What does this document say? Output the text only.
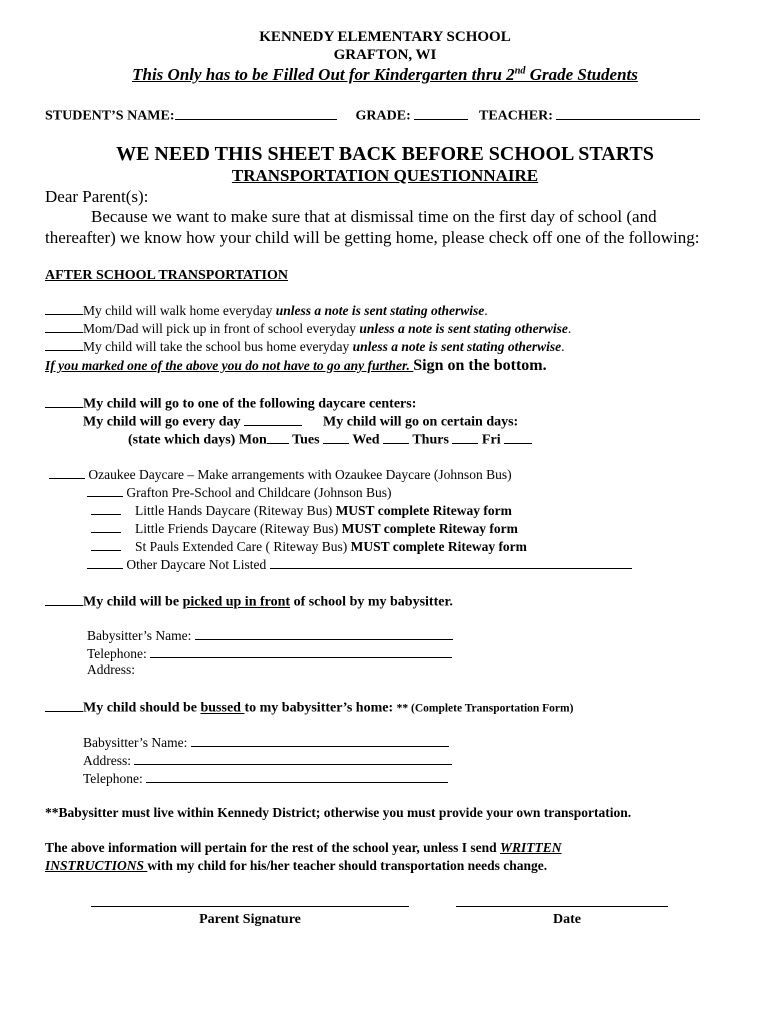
KENNEDY ELEMENTARY SCHOOL
GRAFTON, WI
This Only has to be Filled Out for Kindergarten thru 2nd Grade Students
STUDENT’S NAME:	GRADE:	TEACHER:
WE NEED THIS SHEET BACK BEFORE SCHOOL STARTS
TRANSPORTATION QUESTIONNAIRE
Dear Parent(s):
Because we want to make sure that at dismissal time on the first day of school (and
thereafter) we know how your child will be getting home, please check off one of the following:
AFTER SCHOOL TRANSPORTATION
My child will walk home everyday unless a note is sent stating otherwise.
Mom/Dad will pick up in front of school everyday unless a note is sent stating otherwise.
My child will take the school bus home everyday unless a note is sent stating otherwise.
If you marked one of the above you do not have to go any further. Sign on the bottom.
My child will go to one of the following daycare centers:
My child will go every day	My child will go on certain days:
(state which days) Mon Tues Wed Thurs Fri
Ozaukee Daycare – Make arrangements with Ozaukee Daycare (Johnson Bus)
Grafton Pre-School and Childcare (Johnson Bus)
Little Hands Daycare (Riteway Bus) MUST complete Riteway form
Little Friends Daycare (Riteway Bus) MUST complete Riteway form
St Pauls Extended Care ( Riteway Bus) MUST complete Riteway form
Other Daycare Not Listed
My child will be picked up in front of school by my babysitter.
Babysitter’s Name:
Telephone:
Address:
My child should be bussed to my babysitter’s home: ** (Complete Transportation Form)
Babysitter’s Name:
Address:
Telephone:
**Babysitter must live within Kennedy District; otherwise you must provide your own transportation.
The above information will pertain for the rest of the school year, unless I send WRITTEN
INSTRUCTIONS with my child for his/her teacher should transportation needs change.
Parent Signature	Date
